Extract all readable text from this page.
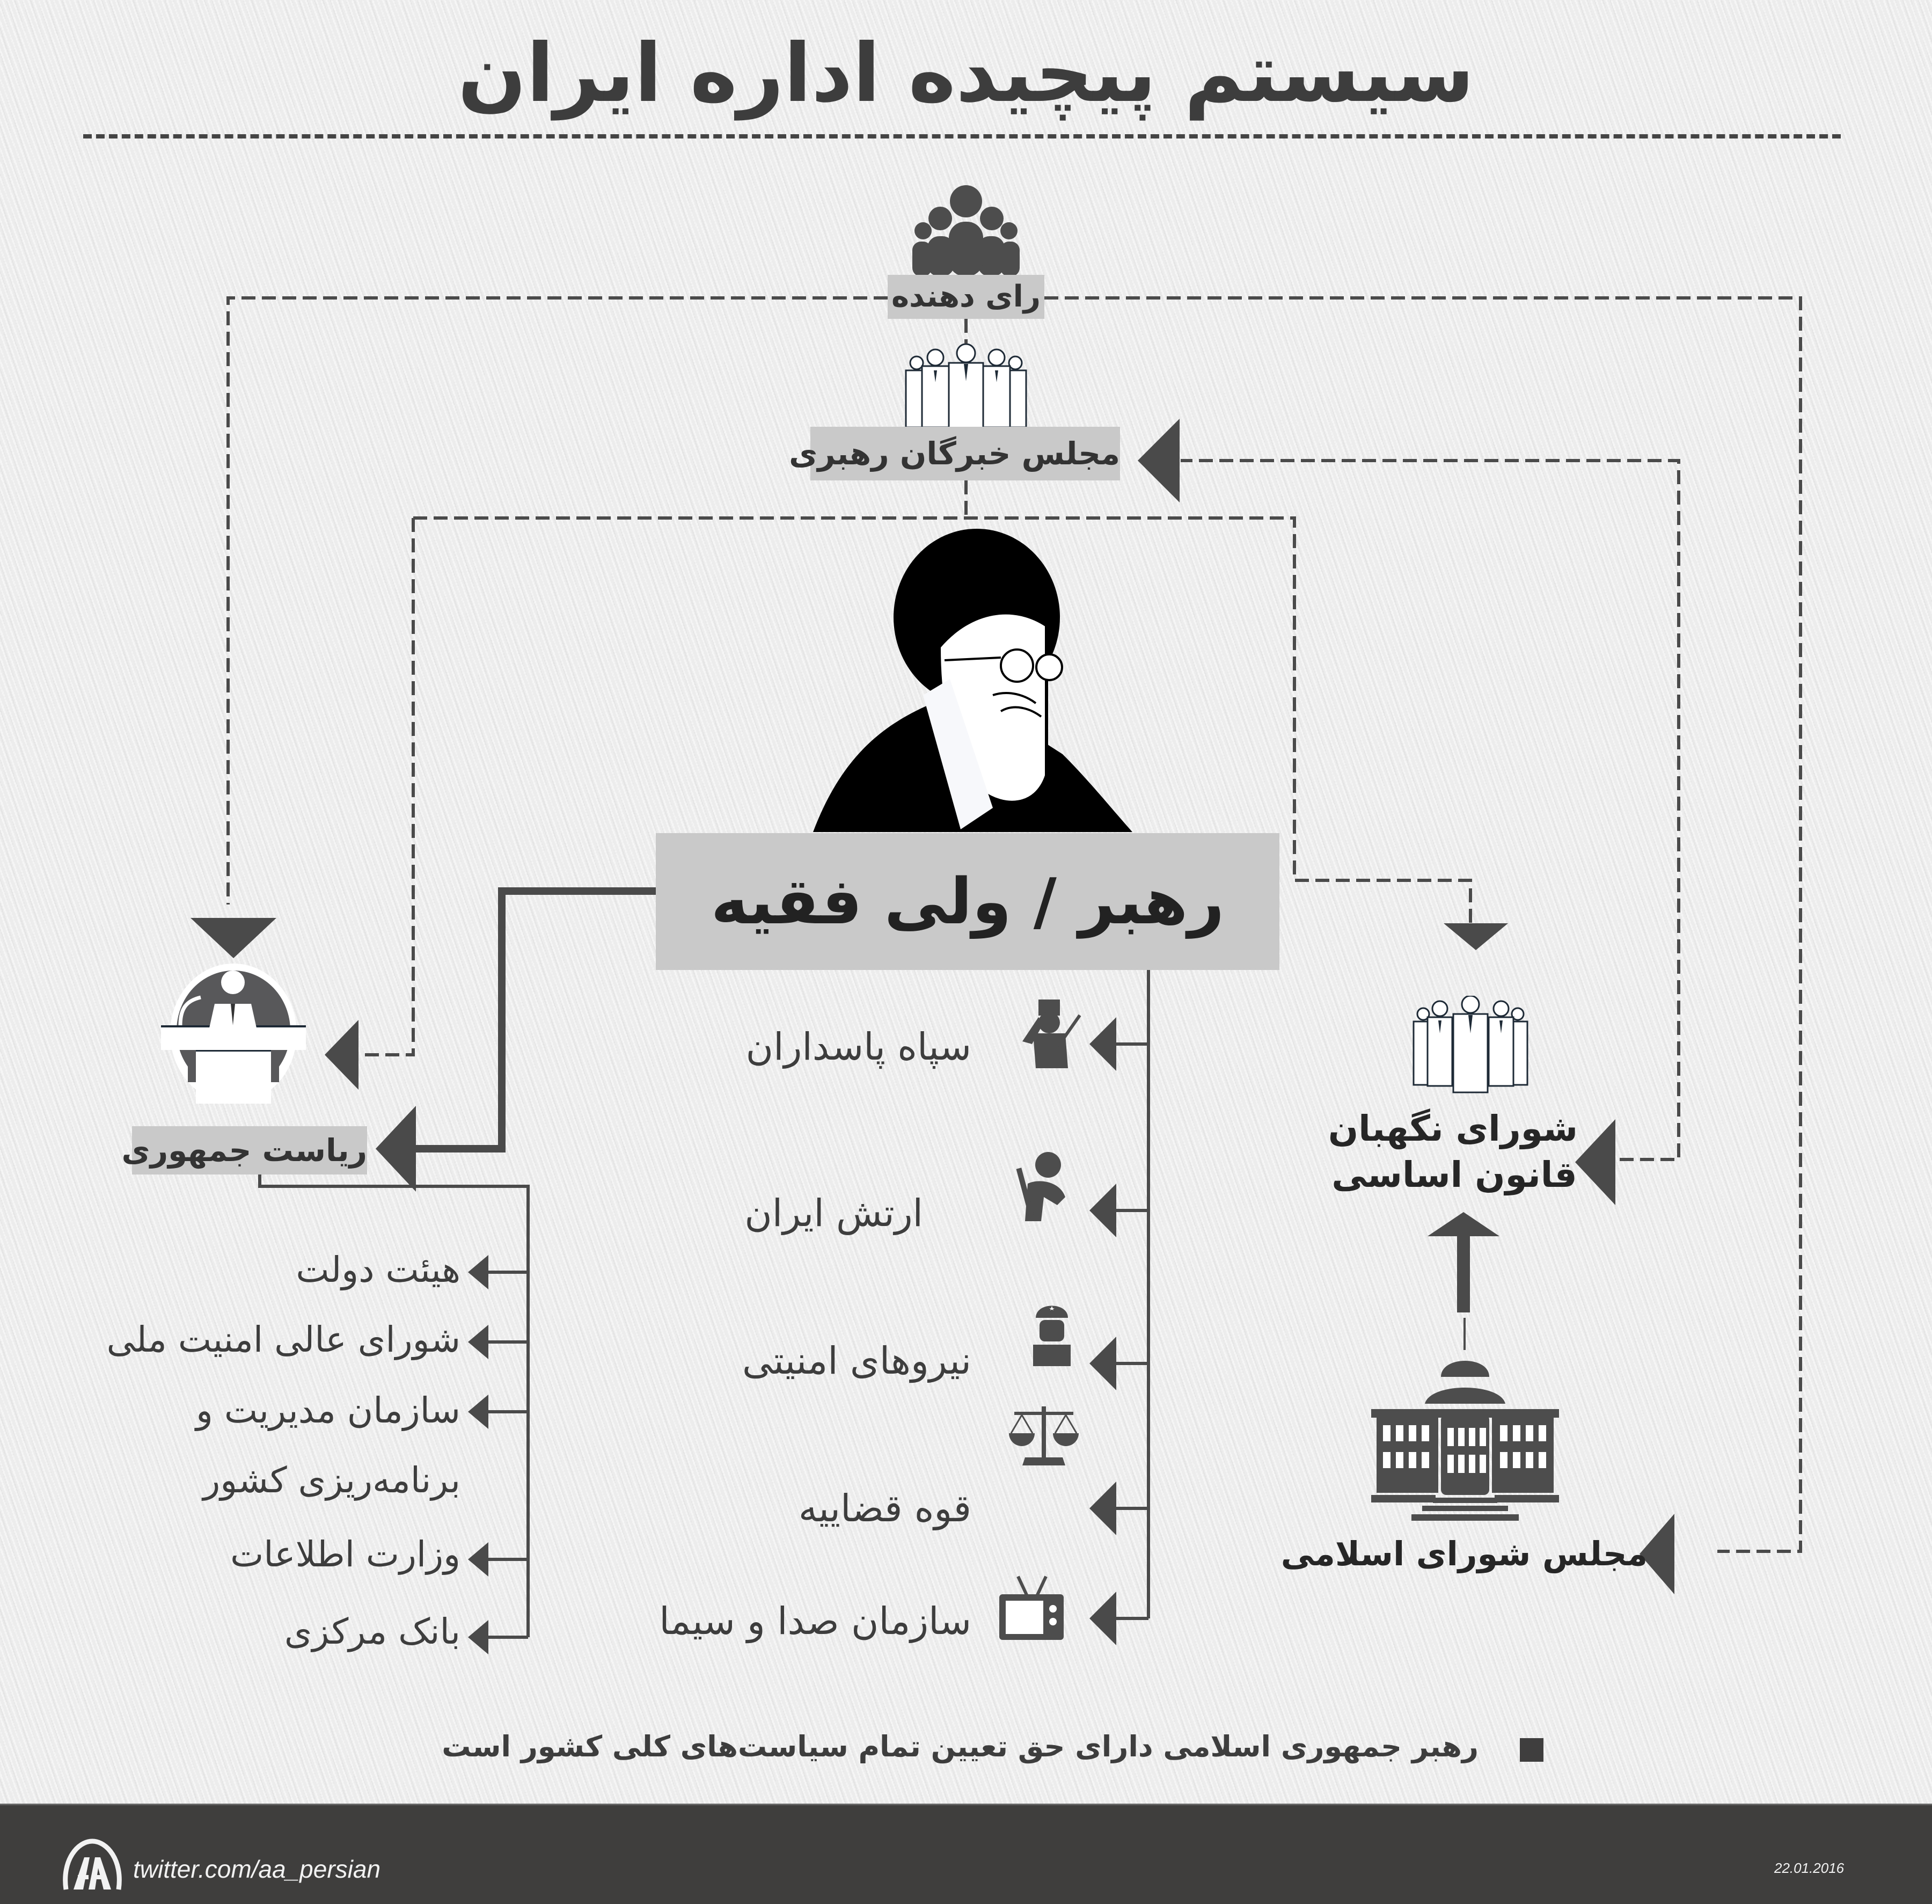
سیستم پیچیده اداره ایران
رای دهنده
مجلس خبرگان رهبری
رهبر / ولی فقیه
ریاست جمهوری
شورای نگهبان
قانون اساسی
مجلس شورای اسلامی
سپاه پاسداران
ارتش ایران
نیروهای امنیتی
قوه قضاییه
سازمان صدا و سیما
هیئت دولت
شورای عالی امنیت ملی
سازمان مدیریت و
برنامه‌ریزی کشور
وزارت اطلاعات
بانک مرکزی
رهبر جمهوری اسلامی دارای حق تعیین تمام سیاست‌های کلی کشور است
twitter.com/aa_persian	22.01.2016
